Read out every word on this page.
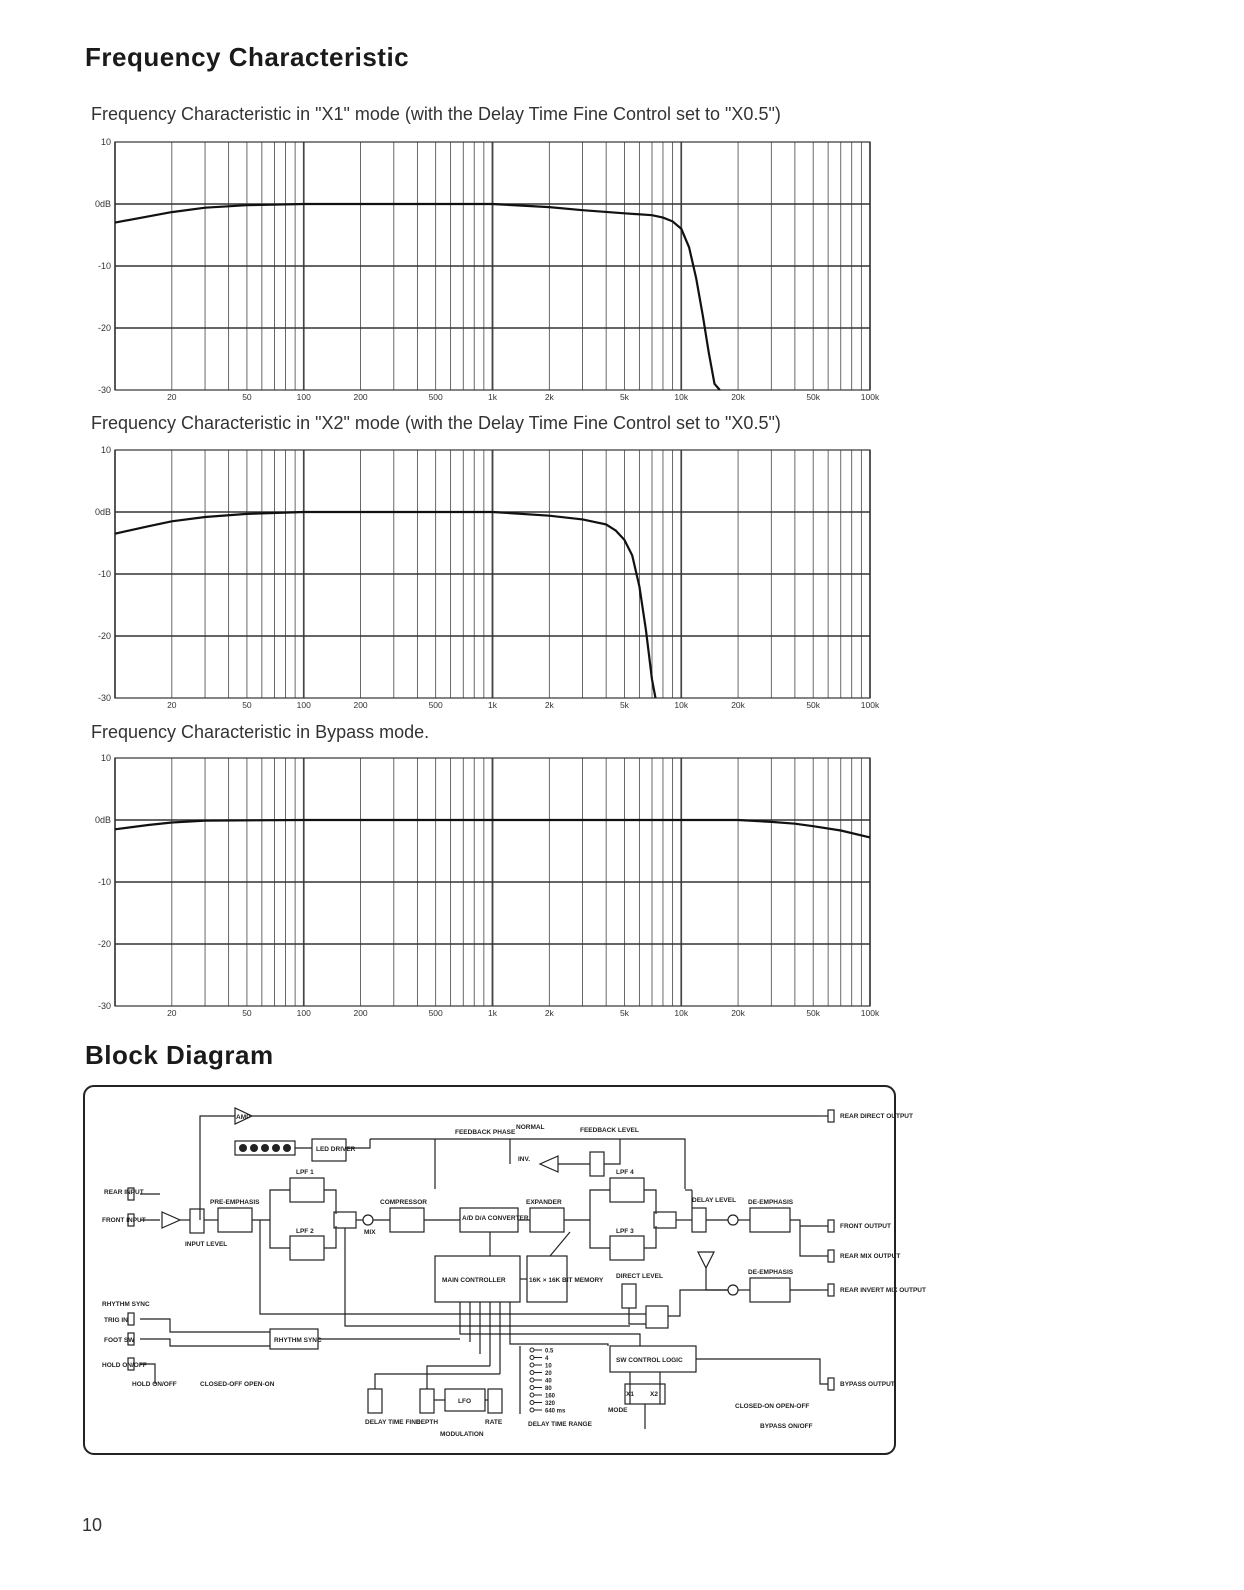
Frequency Characteristic
Frequency Characteristic in "X1" mode (with the Delay Time Fine Control set to "X0.5")
10
0dB
-10
-20
-30
20	50	100	200	500	1k	2k	5k	10k	20k	50k	100k
Frequency Characteristic in "X2" mode (with the Delay Time Fine Control set to "X0.5")
10
0dB
-10
-20
-30
20	50	100	200	500	1k	2k	5k	10k	20k	50k	100k
Frequency Characteristic in Bypass mode.
10
0dB
-10
-20
-30
20	50	100	200	500	1k	2k	5k	10k	20k	50k	100k
Block Diagram
0.5
4
10
20
40
80
160
320
640 ms
REAR INPUT
FRONT INPUT
INPUT LEVEL
PRE-EMPHASIS
LPF 1
LPF 2
LPF 4
LPF 3
MIX
COMPRESSOR
A/D D/A CONVERTER
EXPANDER
MAIN CONTROLLER	16K × 16K BIT MEMORY
LED DRIVER
FEEDBACK PHASE	FEEDBACK LEVEL
NORMAL
INV.
AMP
DELAY LEVEL
DIRECT LEVEL
DE-EMPHASIS
DE-EMPHASIS
REAR DIRECT OUTPUT
FRONT OUTPUT
REAR MIX OUTPUT
REAR INVERT MIX OUTPUT
BYPASS OUTPUT
RHYTHM SYNC
RHYTHM SYNC
TRIG IN
FOOT SW
HOLD ON/OFF
HOLD ON/OFF	CLOSED-OFF OPEN-ON
CLOSED-ON OPEN-OFF
SW CONTROL LOGIC
MODE
X1 X2
BYPASS ON/OFF
DELAY TIME FINE
DEPTH
LFO
RATE
MODULATION
DELAY TIME RANGE
10
